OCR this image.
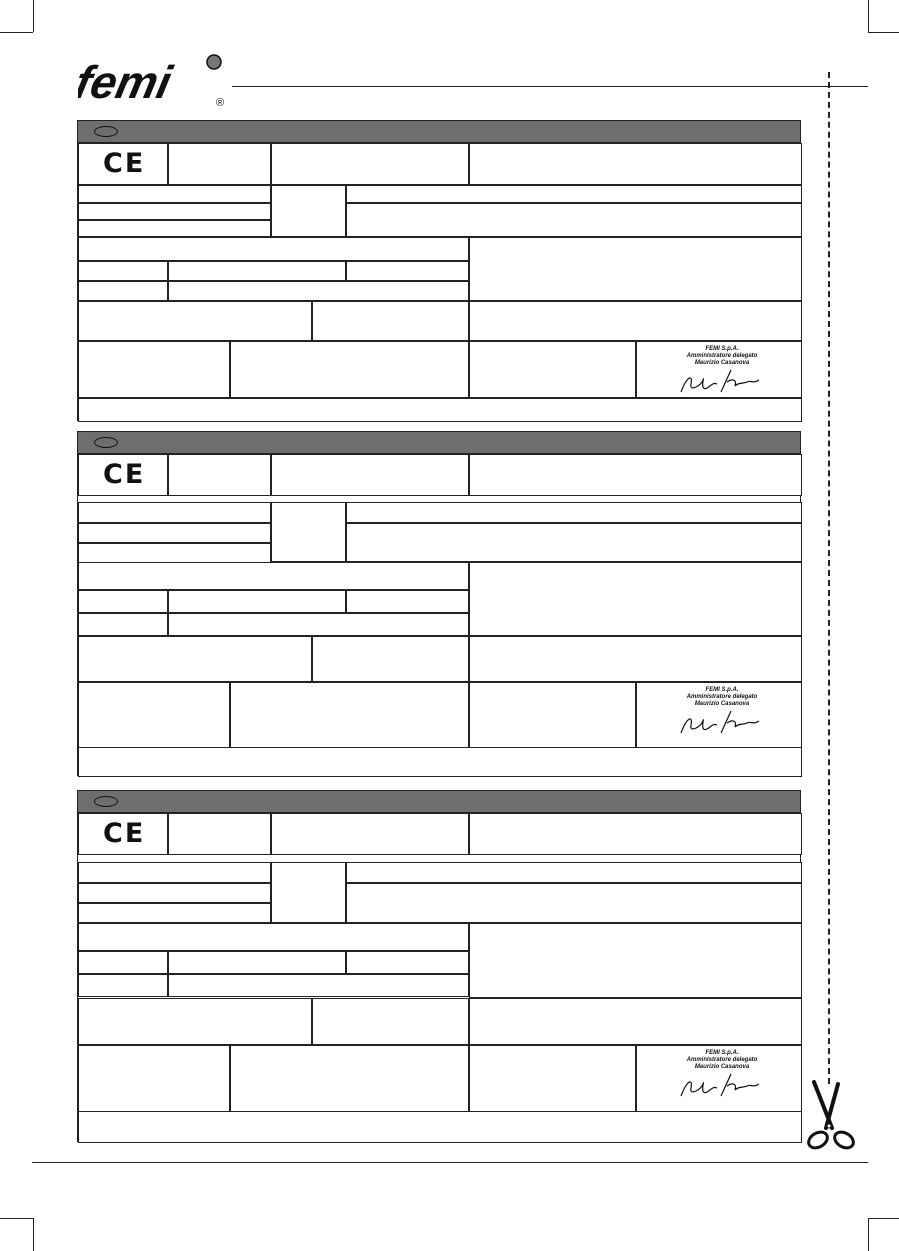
femi	®
CE
FEMI S.p.A.
Amministratore delegato
Maurizio Casanova
CE
FEMI S.p.A.
Amministratore delegato
Maurizio Casanova
CE
FEMI S.p.A.
Amministratore delegato
Maurizio Casanova
